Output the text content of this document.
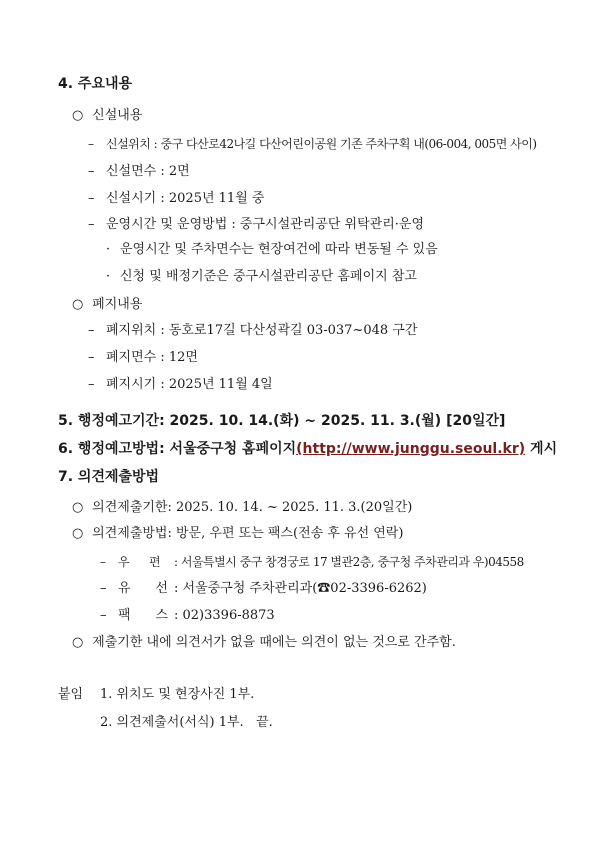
4. 주요내용
○ 신설내용
– 신설위치 : 중구 다산로42나길 다산어린이공원 기존 주차구획 내(06-004, 005면 사이)
– 신설면수 : 2면
– 신설시기 : 2025년 11월 중
– 운영시간 및 운영방법 : 중구시설관리공단 위탁관리·운영
· 운영시간 및 주차면수는 현장여건에 따라 변동될 수 있음
· 신청 및 배정기준은 중구시설관리공단 홈페이지 참고
○ 폐지내용
– 폐지위치 : 동호로17길 다산성곽길 03-037~048 구간
– 폐지면수 : 12면
– 폐지시기 : 2025년 11월 4일
5. 행정예고기간: 2025. 10. 14.(화) ~ 2025. 11. 3.(월) [20일간]
6. 행정예고방법: 서울중구청 홈페이지(http://www.junggu.seoul.kr) 게시
7. 의견제출방법
○ 의견제출기한: 2025. 10. 14. ~ 2025. 11. 3.(20일간)
○ 의견제출방법: 방문, 우편 또는 팩스(전송 후 유선 연락)
– 우      편 : 서울특별시 중구 창경궁로 17 별관2층, 중구청 주차관리과 우)04558
– 유      선 : 서울중구청 주차관리과(☎02-3396-6262)
– 팩      스 : 02)3396-8873
○ 제출기한 내에 의견서가 없을 때에는 의견이 없는 것으로 간주함.
붙임 1. 위치도 및 현장사진 1부.
2. 의견제출서(서식) 1부.   끝.
